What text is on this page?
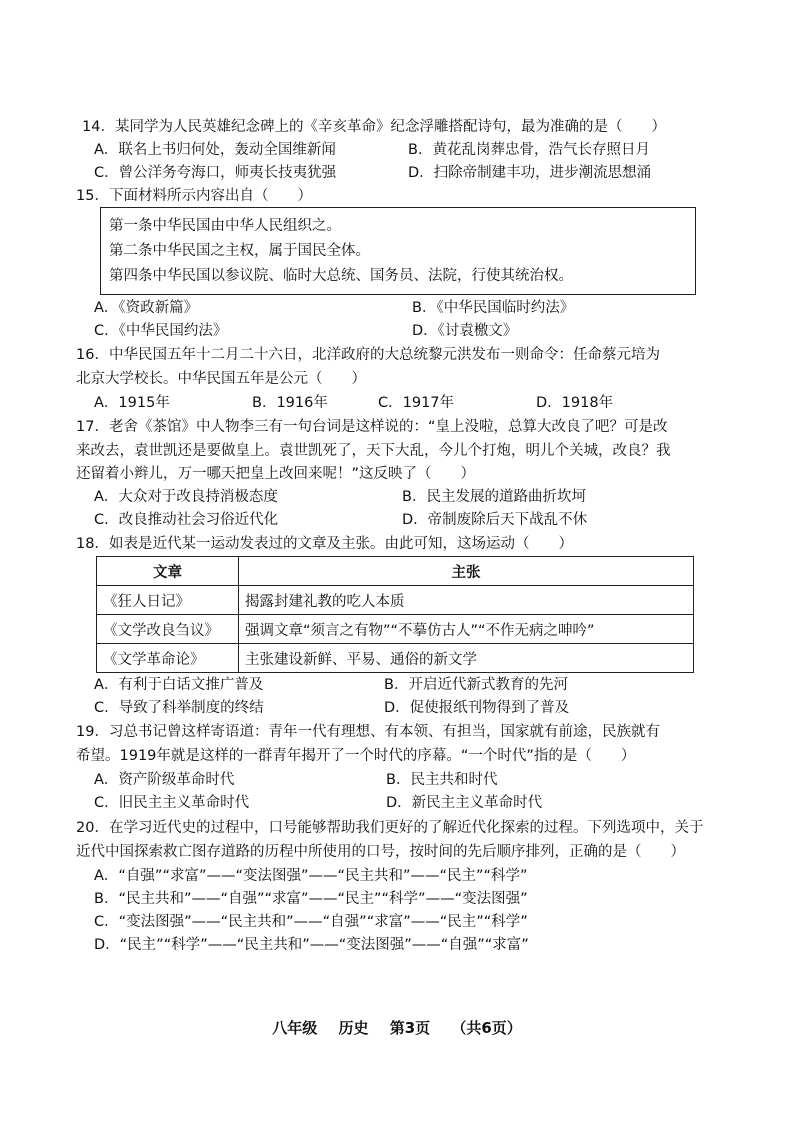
14．某同学为人民英雄纪念碑上的《辛亥革命》纪念浮雕搭配诗句，最为准确的是（　　）
A．联名上书归何处，轰动全国维新闻	B．黄花乱岗葬忠骨，浩气长存照日月
C．曾公洋务夸海口，师夷长技夷犹强	D．扫除帝制建丰功，进步潮流思想涌
15．下面材料所示内容出自（　　）
第一条中华民国由中华人民组织之。
第二条中华民国之主权，属于国民全体。
第四条中华民国以参议院、临时大总统、国务员、法院，行使其统治权。
A．《资政新篇》	B．《中华民国临时约法》
C．《中华民国约法》	D．《讨袁檄文》
16．中华民国五年十二月二十六日，北洋政府的大总统黎元洪发布一则命令：任命蔡元培为
北京大学校长。中华民国五年是公元（　　）
A．1915年	B．1916年	C．1917年	D．1918年
17．老舍《茶馆》中人物李三有一句台词是这样说的：“皇上没啦，总算大改良了吧？可是改
来改去，袁世凯还是要做皇上。袁世凯死了，天下大乱，今儿个打炮，明儿个关城，改良？我
还留着小辫儿，万一哪天把皇上改回来呢！”这反映了（　　）
A．大众对于改良持消极态度	B．民主发展的道路曲折坎坷
C．改良推动社会习俗近代化	D．帝制废除后天下战乱不休
18．如表是近代某一运动发表过的文章及主张。由此可知，这场运动（　　）
文章	主张
《狂人日记》	揭露封建礼教的吃人本质
《文学改良刍议》	强调文章“须言之有物”“不摹仿古人”“不作无病之呻吟”
《文学革命论》	主张建设新鲜、平易、通俗的新文学
A．有利于白话文推广普及	B．开启近代新式教育的先河
C．导致了科举制度的终结	D．促使报纸刊物得到了普及
19．习总书记曾这样寄语道：青年一代有理想、有本领、有担当，国家就有前途，民族就有
希望。1919年就是这样的一群青年揭开了一个时代的序幕。“一个时代”指的是（　　）
A．资产阶级革命时代	B．民主共和时代
C．旧民主主义革命时代	D．新民主主义革命时代
20．在学习近代史的过程中，口号能够帮助我们更好的了解近代化探索的过程。下列选项中，关于
近代中国探索救亡图存道路的历程中所使用的口号，按时间的先后顺序排列，正确的是（　　）
A．“自强”“求富”——“变法图强”——“民主共和”——“民主”“科学”
B．“民主共和”——“自强”“求富”——“民主”“科学”——“变法图强”
C．“变法图强”——“民主共和”——“自强”“求富”——“民主”“科学”
D．“民主”“科学”——“民主共和”——“变法图强”——“自强”“求富”
八年级 历史 第3页 （共6页）
